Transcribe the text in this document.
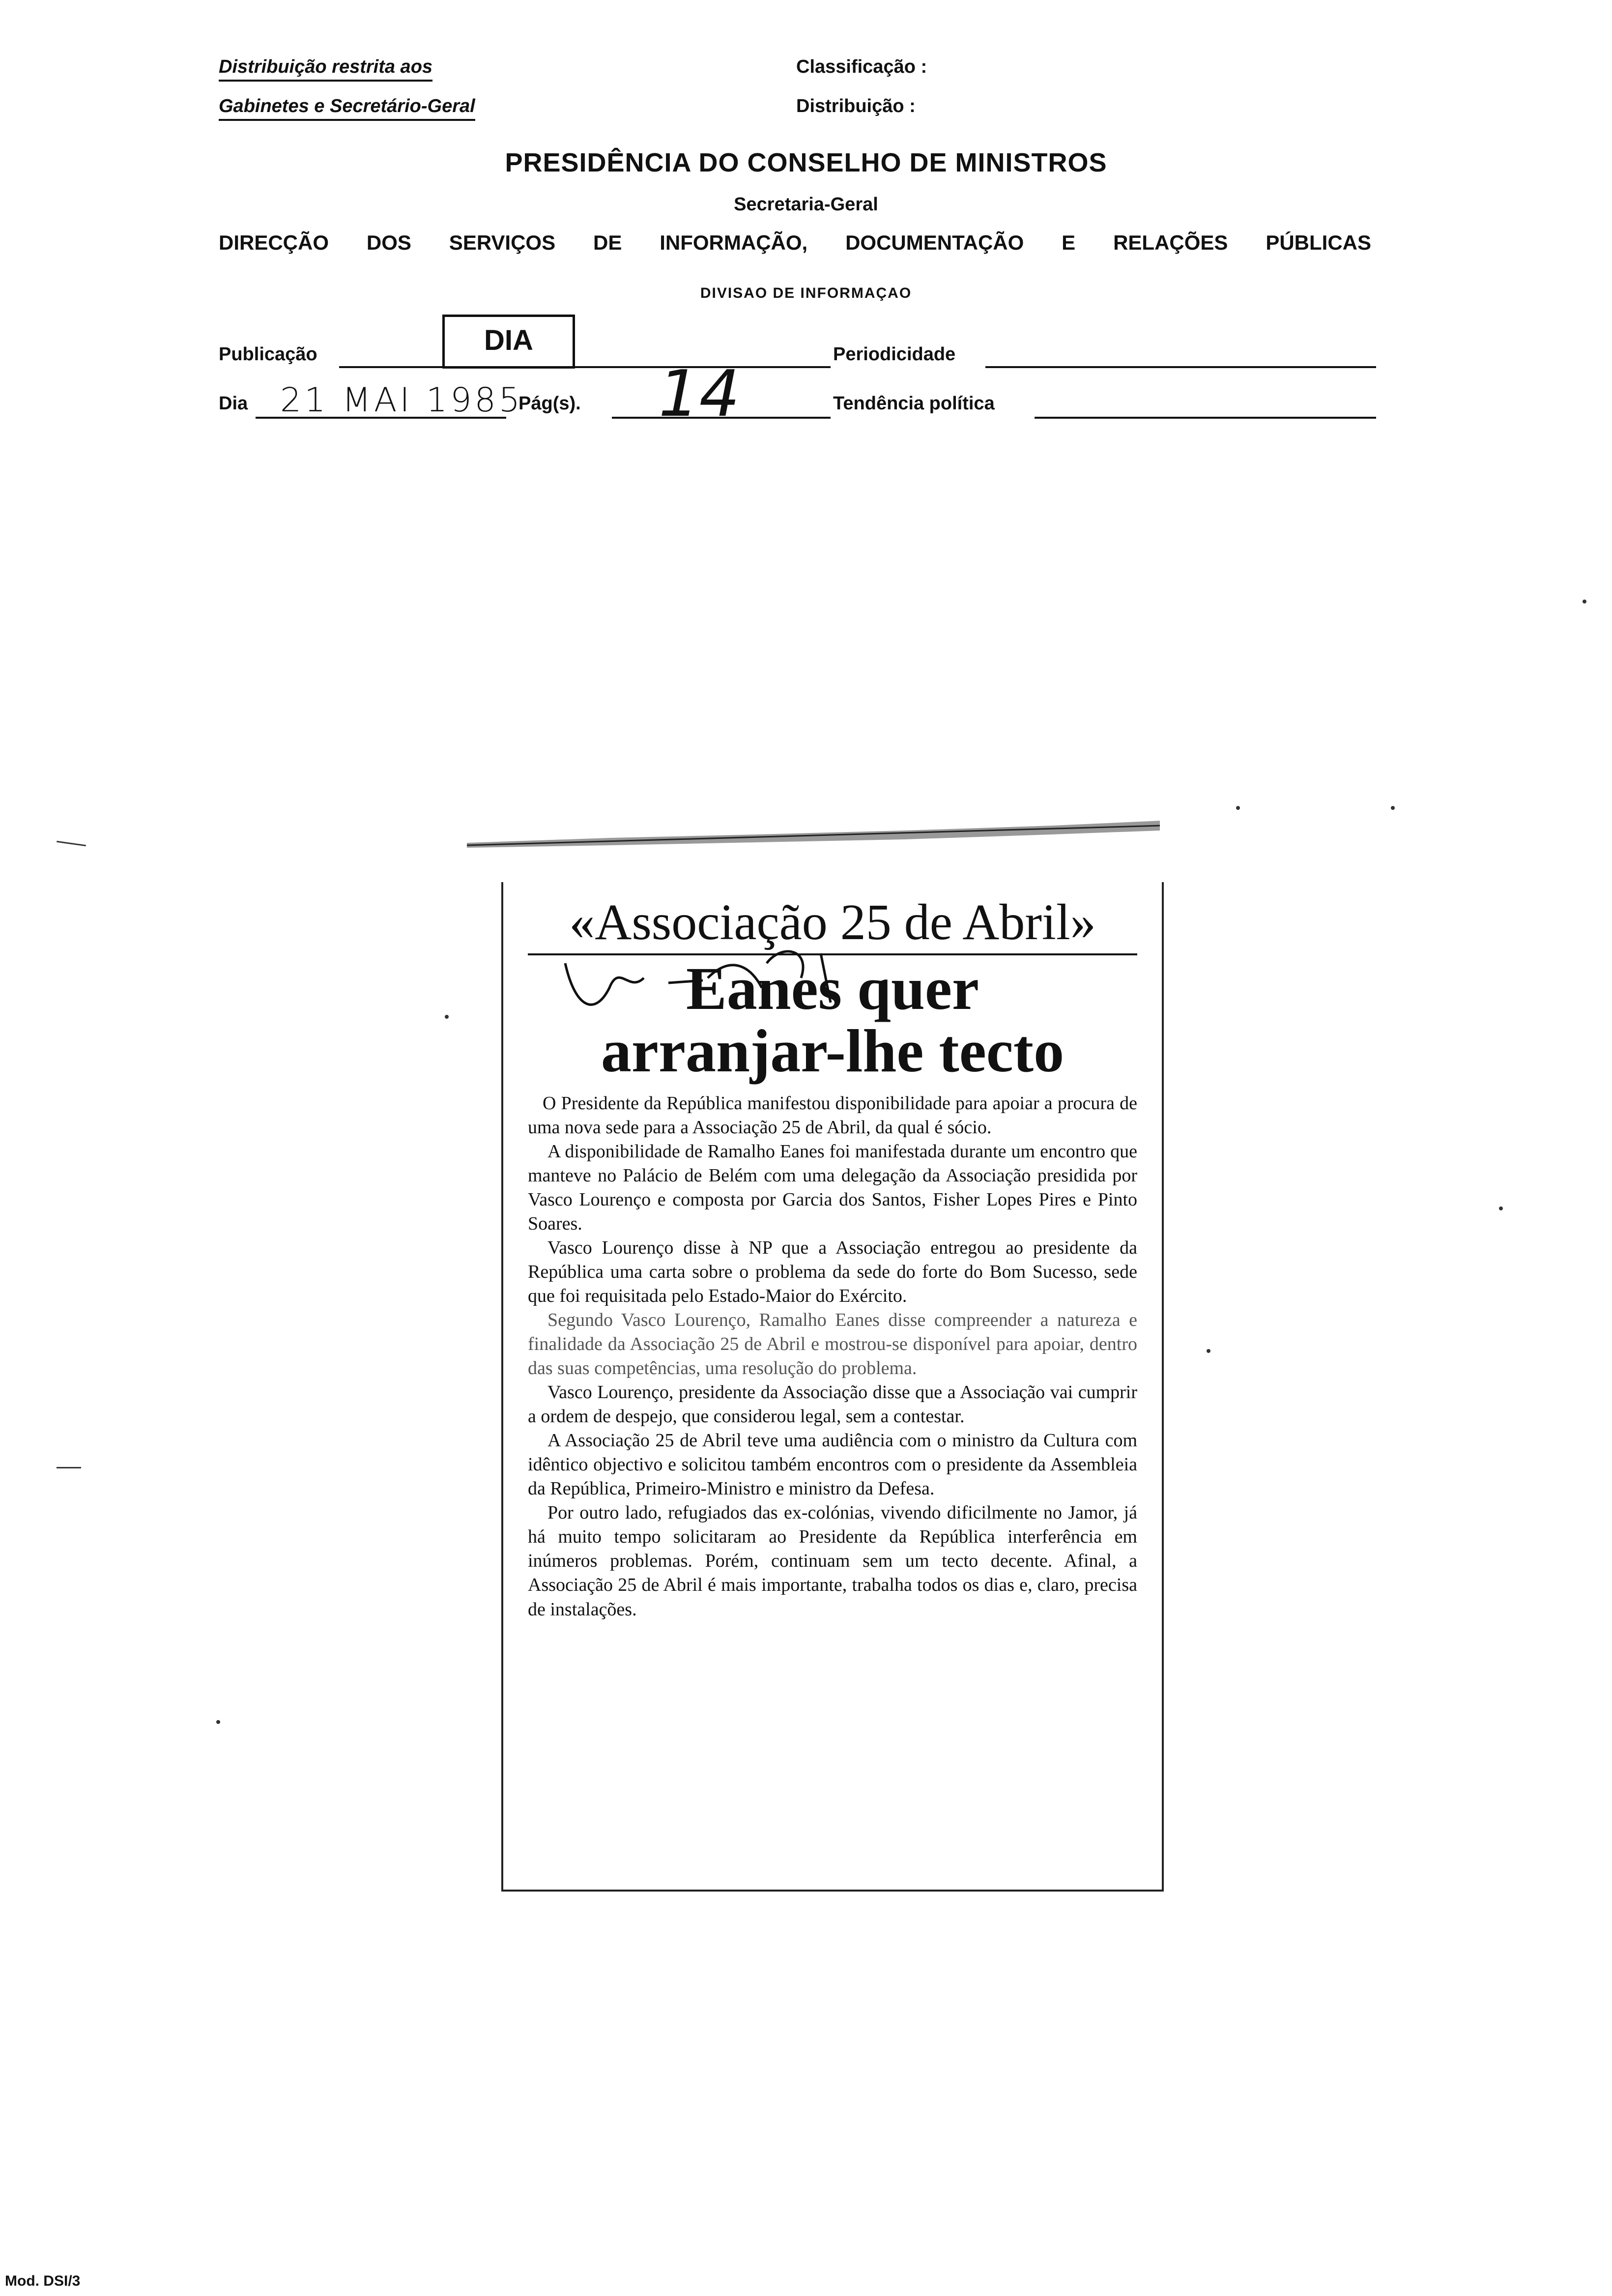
Distribuição restrita aos
Gabinetes e Secretário-Geral
Classificação :
Distribuição :
PRESIDÊNCIA DO CONSELHO DE MINISTROS
Secretaria-Geral
DIRECÇÃO DOS SERVIÇOS DE INFORMAÇÃO, DOCUMENTAÇÃO E RELAÇÕES PÚBLICAS
DIVISAO DE INFORMAÇAO
Publicação	DIA	Periodicidade
Dia 21 MAI 1985
Pág(s). 14	Tendência política
«Associação 25 de Abril»
Eanes quer
arranjar-lhe tecto

O Presidente da República manifestou disponibilidade para apoiar a procura de uma nova sede para a Associação 25 de Abril, da qual é sócio.

A disponibilidade de Ramalho Eanes foi manifestada durante um encontro que manteve no Palácio de Belém com uma delegação da Associação presidida por Vasco Lourenço e composta por Garcia dos Santos, Fisher Lopes Pires e Pinto Soares.

Vasco Lourenço disse à NP que a Associação entregou ao presidente da República uma carta sobre o problema da sede do forte do Bom Sucesso, sede que foi requisitada pelo Estado-Maior do Exército.

Segundo Vasco Lourenço, Ramalho Eanes disse compreender a natureza e finalidade da Associação 25 de Abril e mostrou-se disponível para apoiar, dentro das suas competências, uma resolução do problema.

Vasco Lourenço, presidente da Associação disse que a Associação vai cumprir a ordem de despejo, que considerou legal, sem a contestar.

A Associação 25 de Abril teve uma audiência com o ministro da Cultura com idêntico objectivo e solicitou também encontros com o presidente da Assembleia da República, Primeiro-Ministro e ministro da Defesa.

Por outro lado, refugiados das ex-colónias, vivendo dificilmente no Jamor, já há muito tempo solicitaram ao Presidente da República interferência em inúmeros problemas. Porém, continuam sem um tecto decente. Afinal, a Associação 25 de Abril é mais importante, trabalha todos os dias e, claro, precisa de instalações.

Mod. DSI/3
